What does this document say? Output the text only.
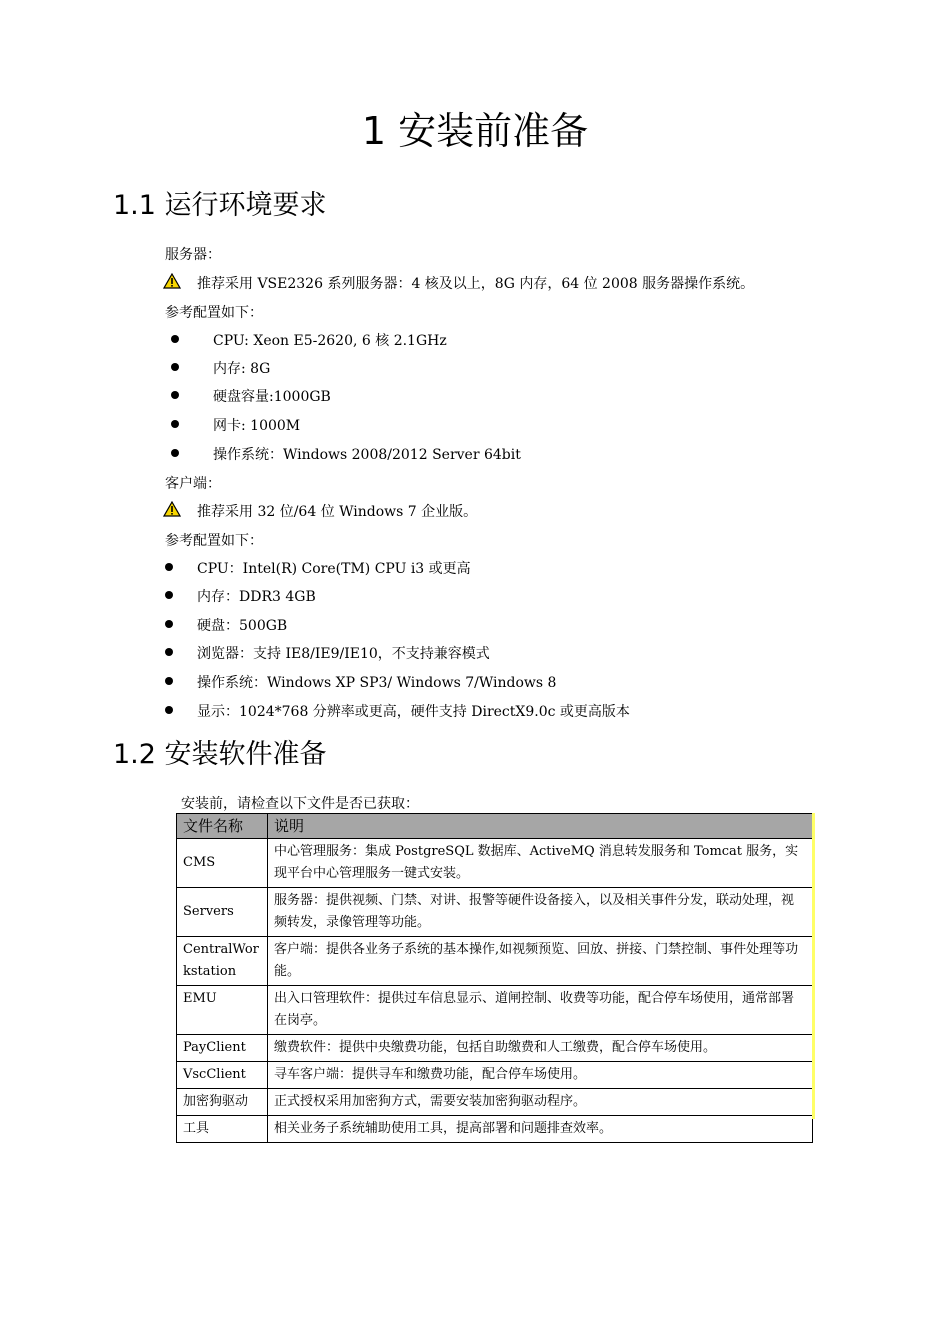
1 安装前准备
1.1 运行环境要求
服务器：
推荐采用 VSE2326 系列服务器：4 核及以上，8G 内存，64 位 2008 服务器操作系统。
参考配置如下：
CPU: Xeon E5-2620, 6 核 2.1GHz
内存: 8G
硬盘容量:1000GB
网卡: 1000M
操作系统：Windows 2008/2012 Server 64bit
客户端：
推荐采用 32 位/64 位 Windows 7 企业版。
参考配置如下：
CPU：Intel(R) Core(TM) CPU i3 或更高
内存：DDR3 4GB
硬盘：500GB
浏览器：支持 IE8/IE9/IE10，不支持兼容模式
操作系统：Windows XP SP3/ Windows 7/Windows 8
显示：1024*768 分辨率或更高，硬件支持 DirectX9.0c 或更高版本
1.2 安装软件准备
安装前，请检查以下文件是否已获取：
文件名称	说明
CMS	中心管理服务：集成 PostgreSQL 数据库、ActiveMQ 消息转发服务和 Tomcat 服务，实现平台中心管理服务一键式安装。
Servers	服务器：提供视频、门禁、对讲、报警等硬件设备接入，以及相关事件分发，联动处理，视频转发，录像管理等功能。
CentralWorkstation	客户端：提供各业务子系统的基本操作,如视频预览、回放、拼接、门禁控制、事件处理等功能。
EMU	出入口管理软件：提供过车信息显示、道闸控制、收费等功能，配合停车场使用，通常部署在岗亭。
PayClient	缴费软件：提供中央缴费功能，包括自助缴费和人工缴费，配合停车场使用。
VscClient	寻车客户端：提供寻车和缴费功能，配合停车场使用。
加密狗驱动	正式授权采用加密狗方式，需要安装加密狗驱动程序。
工具	相关业务子系统辅助使用工具，提高部署和问题排查效率。
